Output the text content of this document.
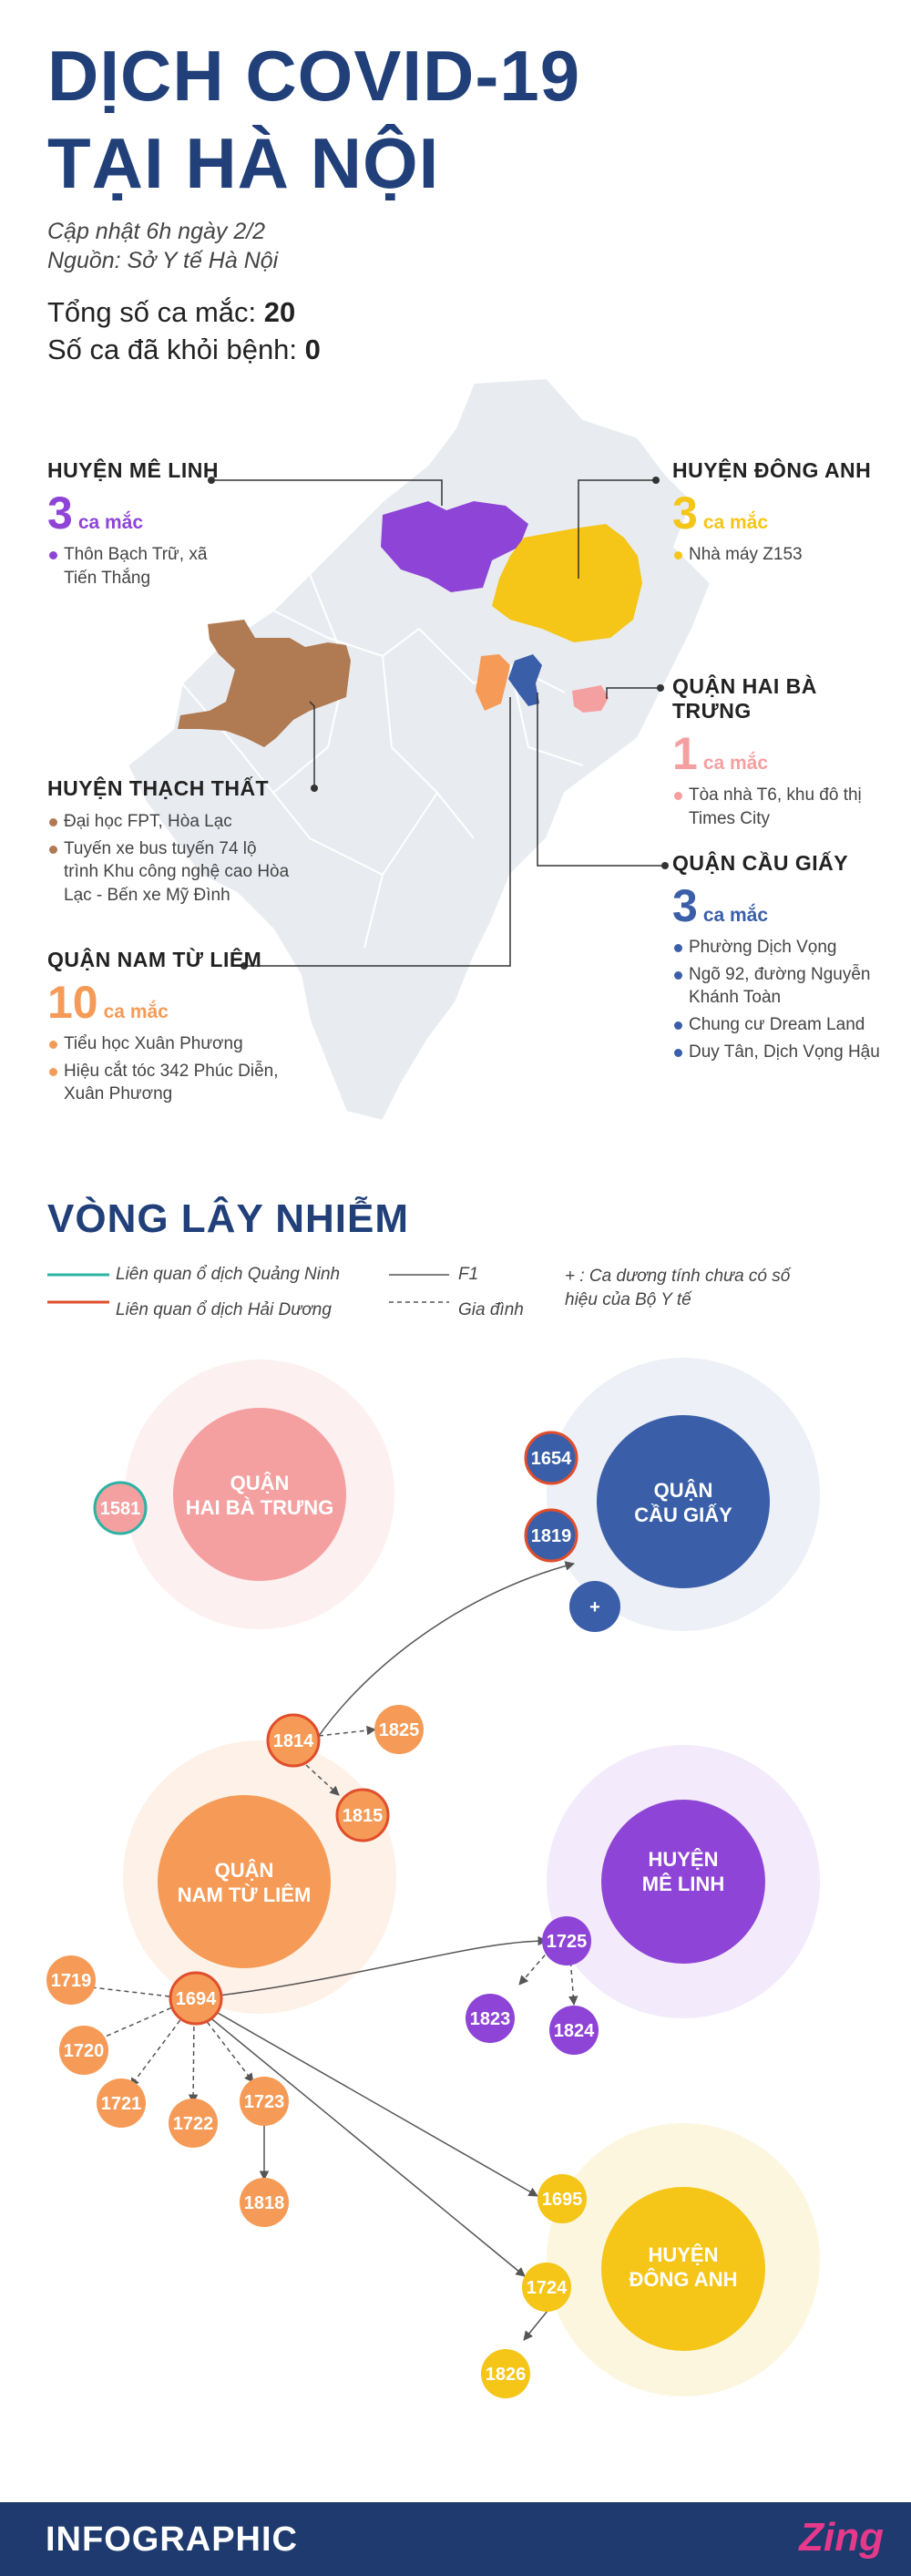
DỊCH COVID-19
TẠI HÀ NỘI
Cập nhật 6h ngày 2/2
Nguồn: Sở Y tế Hà Nội
Tổng số ca mắc: 20
Số ca đã khỏi bệnh: 0
HUYỆN MÊ LINH
3 ca mắc
Thôn Bạch Trữ, xã Tiến Thắng
HUYỆN ĐÔNG ANH
3 ca mắc
Nhà máy Z153
QUẬN HAI BÀ TRƯNG
1 ca mắc
Tòa nhà T6, khu đô thị Times City
HUYỆN THẠCH THẤT
Đại học FPT, Hòa Lạc
Tuyến xe bus tuyến 74 lộ trình Khu công nghệ cao Hòa Lạc - Bến xe Mỹ Đình
QUẬN CẦU GIẤY
3 ca mắc
Phường Dịch Vọng
Ngõ 92, đường Nguyễn Khánh Toàn
Chung cư Dream Land
Duy Tân, Dịch Vọng Hậu
QUẬN NAM TỪ LIÊM
10 ca mắc
Tiểu học Xuân Phương
Hiệu cắt tóc 342 Phúc Diễn, Xuân Phương
VÒNG LÂY NHIỄM
Liên quan ổ dịch Quảng Ninh
Liên quan ổ dịch Hải Dương
F1
Gia đình
+ : Ca dương tính chưa có số hiệu của Bộ Y tế
QUẬN
HAI BÀ TRƯNG
QUẬN
CẦU GIẤY
QUẬN
NAM TỪ LIÊM
HUYỆN
MÊ LINH
HUYỆN
ĐÔNG ANH
1581
1654
1819
+
1814
1825
1815
1694
1719
1720
1721
1722
1723
1818
1725
1823
1824
1695
1724
1826
INFOGRAPHIC	Zing
